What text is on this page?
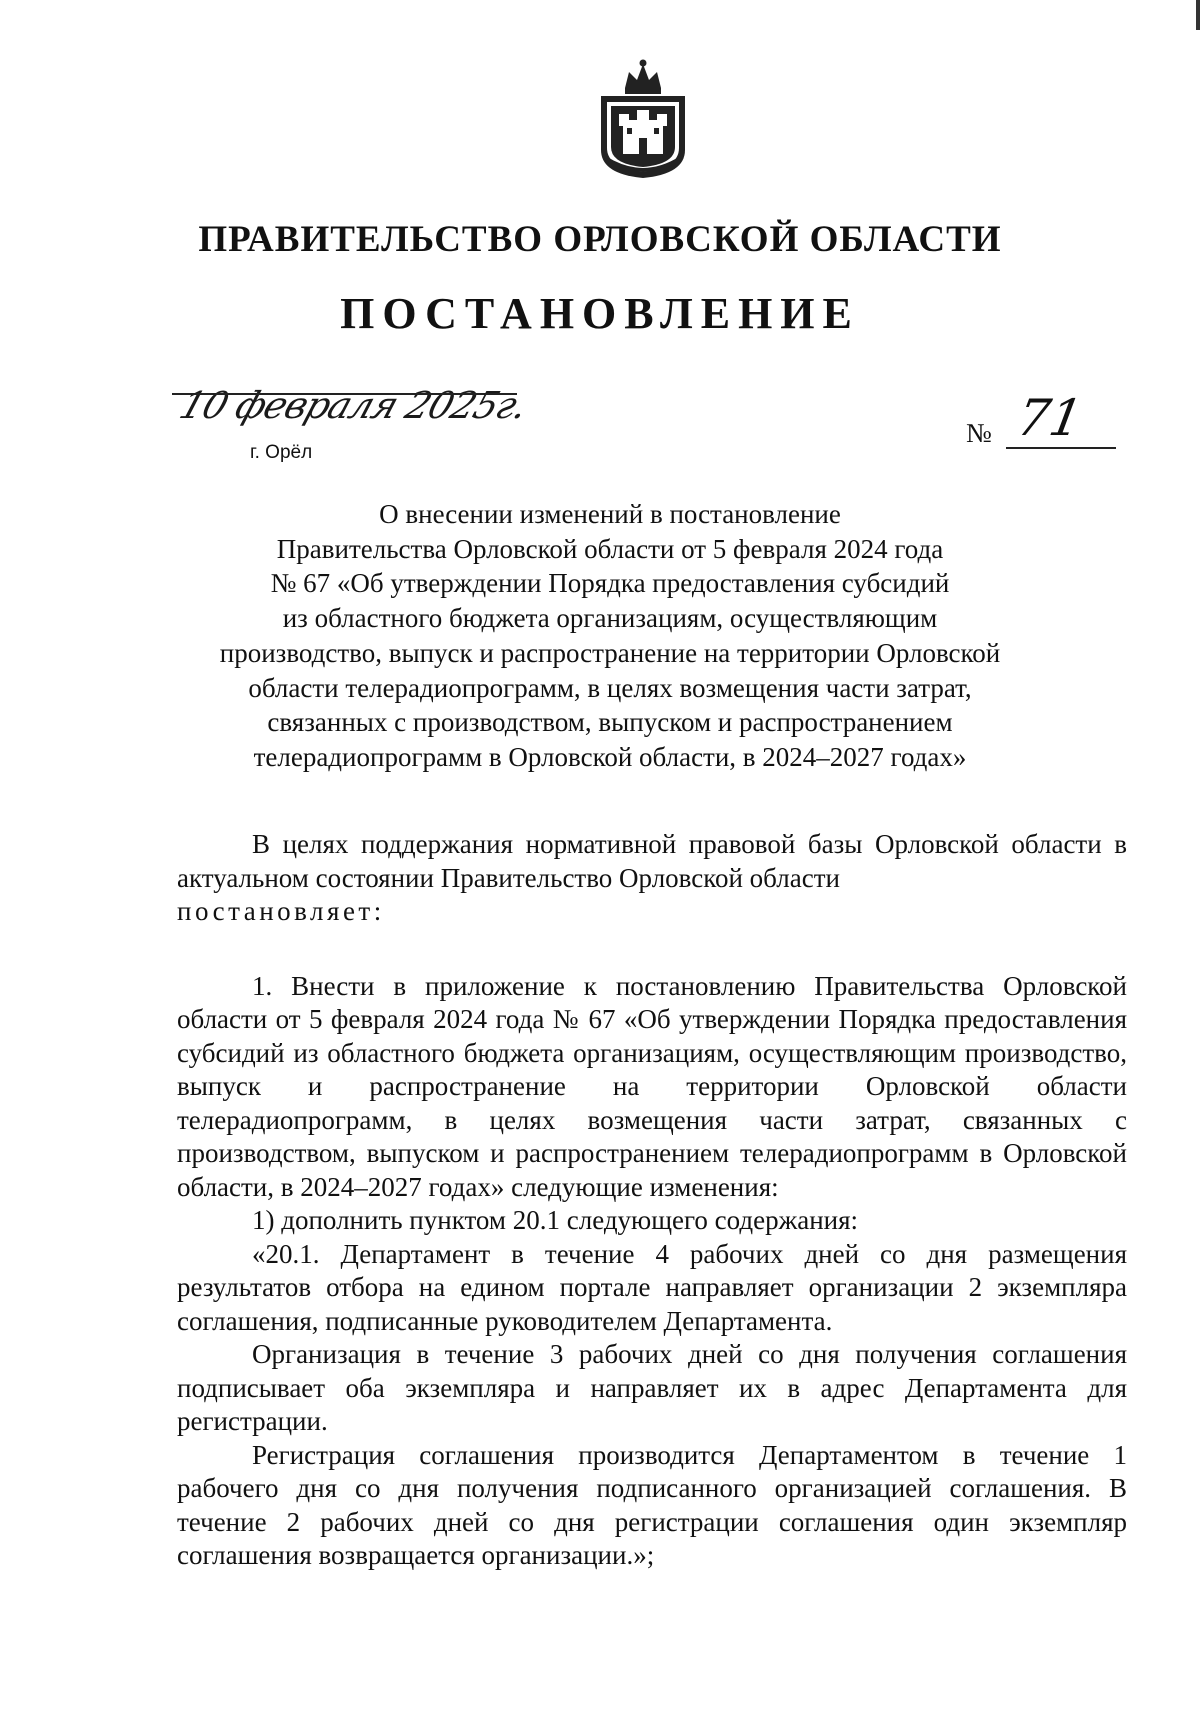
ПРАВИТЕЛЬСТВО ОРЛОВСКОЙ ОБЛАСТИ
ПОСТАНОВЛЕНИЕ
10 февраля 2025г.
г. Орёл
№ 71
О внесении изменений в постановление
Правительства Орловской области от 5 февраля 2024 года
№ 67 «Об утверждении Порядка предоставления субсидий
из областного бюджета организациям, осуществляющим
производство, выпуск и распространение на территории Орловской
области телерадиопрограмм, в целях возмещения части затрат,
связанных с производством, выпуском и распространением
телерадиопрограмм в Орловской области, в 2024–2027 годах»

В целях поддержания нормативной правовой базы Орловской области в актуальном состоянии Правительство Орловской области

постановляет:

1. Внести в приложение к постановлению Правительства Орловской области от 5 февраля 2024 года № 67 «Об утверждении Порядка предоставления субсидий из областного бюджета организациям, осуществляющим производство, выпуск и распространение на территории Орловской области телерадиопрограмм, в целях возмещения части затрат, связанных с производством, выпуском и распространением телерадиопрограмм в Орловской области, в 2024–2027 годах» следующие изменения:

1) дополнить пунктом 20.1 следующего содержания:

«20.1. Департамент в течение 4 рабочих дней со дня размещения результатов отбора на едином портале направляет организации 2 экземпляра соглашения, подписанные руководителем Департамента.

Организация в течение 3 рабочих дней со дня получения соглашения подписывает оба экземпляра и направляет их в адрес Департамента для регистрации.

Регистрация соглашения производится Департаментом в течение 1 рабочего дня со дня получения подписанного организацией соглашения. В течение 2 рабочих дней со дня регистрации соглашения один экземпляр соглашения возвращается организации.»;
